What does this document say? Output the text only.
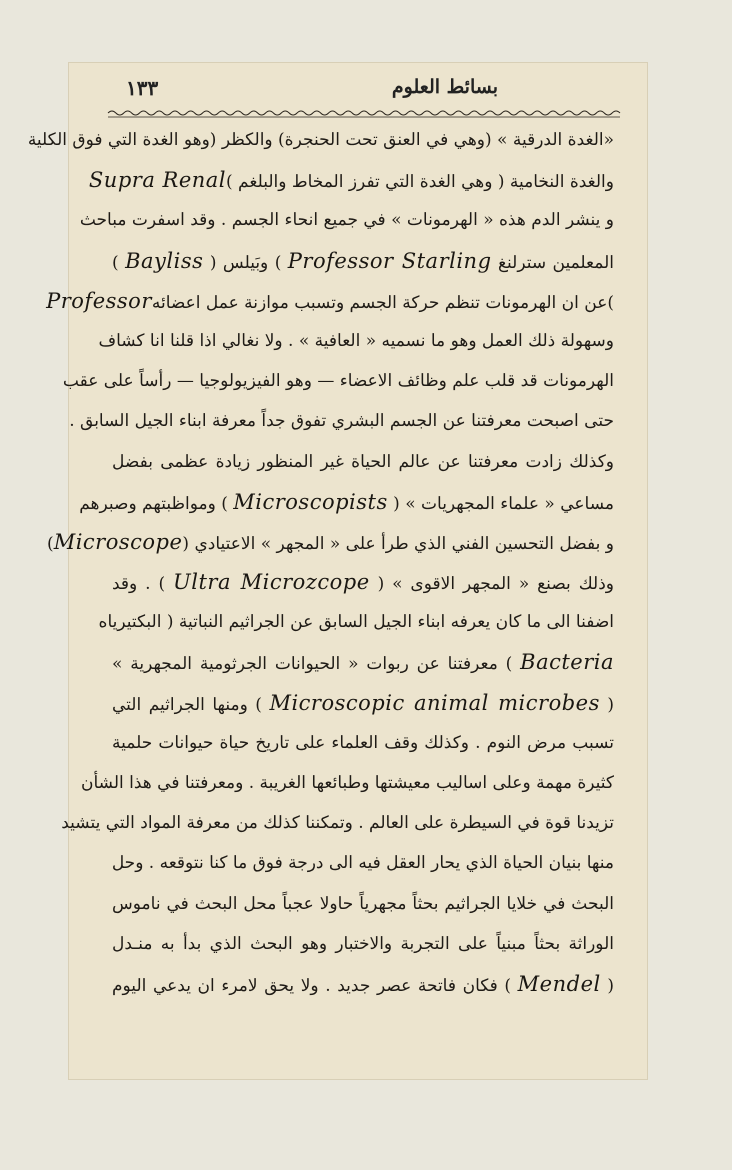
١٣٣	بسائط العلوم
«الغدة الدرقية » (وهي في العنق تحت الحنجرة) والكظر (وهو الغدة التي فوق الكلية
والغدة النخامية ( وهي الغدة التي تفرز المخاط والبلغم )Supra Renal
و ينشر الدم هذه « الهرمونات » في جميع انحاء الجسم . وقد اسفرت مباحث
المعلمين سترلنغ Professor Starling ) وبَيلس ( Bayliss )
)عن ان الهرمونات تنظم حركة الجسم وتسبب موازنة عمل اعضائهProfessor
وسهولة ذلك العمل وهو ما نسميه « العافية » . ولا نغالي اذا قلنا انا كشاف
الهرمونات قد قلب علم وظائف الاعضاء — وهو الفيزيولوجيا — رأساً على عقب
حتى اصبحت معرفتنا عن الجسم البشري تفوق جداً معرفة ابناء الجيل السابق .
وكذلك زادت معرفتنا عن عالم الحياة غير المنظور زيادة عظمى بفضل
مساعي « علماء المجهريات » ( Microscopists ) ومواظبتهم وصبرهم
و بفضل التحسين الفني الذي طرأ على « المجهر » الاعتيادي (Microscope)
وذلك بصنع « المجهر الاقوى » ( Ultra Microzcope ) . وقد
اضفنا الى ما كان يعرفه ابناء الجيل السابق عن الجراثيم النباتية ( البكتيرياه
Bacteria ) معرفتنا عن ربوات « الحيوانات الجرثومية المجهرية »
( Microscopic animal microbes ) ومنها الجراثيم التي
تسبب مرض النوم . وكذلك وقف العلماء على تاريخ حياة حيوانات حلمية
كثيرة مهمة وعلى اساليب معيشتها وطبائعها الغريبة . ومعرفتنا في هذا الشأن
تزيدنا قوة في السيطرة على العالم . وتمكننا كذلك من معرفة المواد التي يتشيد
منها بنيان الحياة الذي يحار العقل فيه الى درجة فوق ما كنا نتوقعه . وحل
البحث في خلايا الجراثيم بحثاً مجهرياً حاولا عجباً محل البحث في ناموس
الوراثة بحثاً مبنياً على التجربة والاختبار وهو البحث الذي بدأ به منـدل
( Mendel ) فكان فاتحة عصر جديد . ولا يحق لامرء ان يدعي اليوم
